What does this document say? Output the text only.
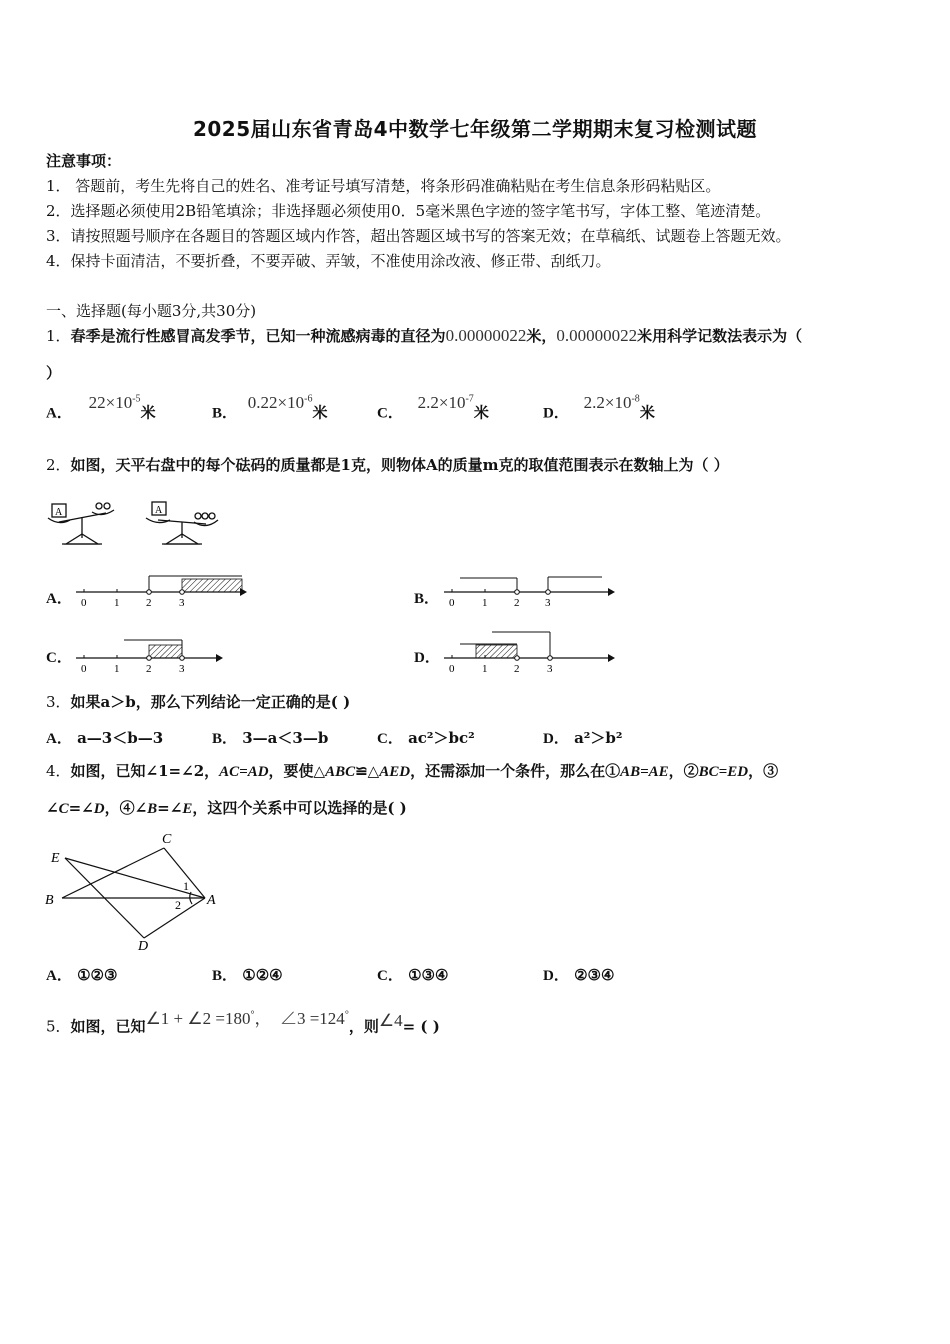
2025届山东省青岛4中数学七年级第二学期期末复习检测试题
注意事项：
1． 答题前，考生先将自己的姓名、准考证号填写清楚，将条形码准确粘贴在考生信息条形码粘贴区。
2．选择题必须使用2B铅笔填涂；非选择题必须使用0．5毫米黑色字迹的签字笔书写，字体工整、笔迹清楚。
3．请按照题号顺序在各题目的答题区域内作答，超出答题区域书写的答案无效；在草稿纸、试题卷上答题无效。
4．保持卡面清洁，不要折叠，不要弄破、弄皱，不准使用涂改液、修正带、刮纸刀。
一、选择题(每小题3分,共30分)
1．春季是流行性感冒高发季节，已知一种流感病毒的直径为0.00000022米，0.00000022米用科学记数法表示为（
）
A． $22\times 10^{-5}$米	B． $0.22\times 10^{-6}$米	C． $2.2\times 10^{-7}$米	D． $2.2\times 10^{-8}$米
2．如图，天平右盘中的每个砝码的质量都是1克，则物体A的质量m克的取值范围表示在数轴上为（ ）
A	A
A． 0	1 2	3	B． 0	1 2 3
C．
0	1 2	3
D．
0	1 2	3
3．如果a＞b，那么下列结论一定正确的是( )
A． a—3＜b—3	B． 3—a＜3—b	C． ac²＞bc²	D． a²＞b²
4．如图，已知∠1=∠2，AC=AD，要使△ABC≌△AED，还需添加一个条件，那么在①AB=AE，②BC=ED，③
∠C=∠D，④∠B=∠E，这四个关系中可以选择的是( )
C
E
B	A
D
1
2
A． ①②③	B． ①②④	C． ①③④	D． ②③④
5．如图，已知∠1 + ∠2 =180°， ∠3 =124°，则∠4= ( )
